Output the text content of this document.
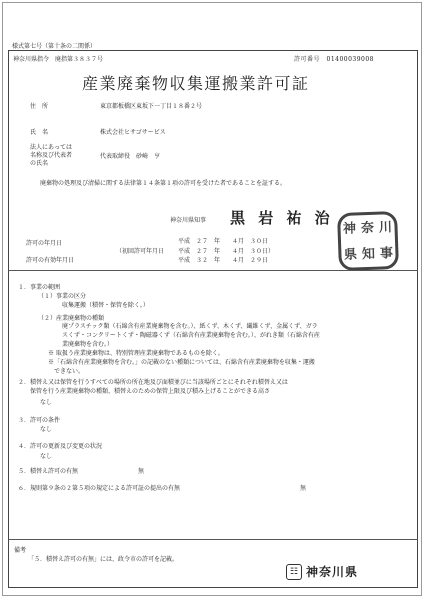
様式第七号（第十条の二関係）
神奈川県指令　廃指第３８３７号	許可番号　01400039008
産業廃棄物収集運搬業許可証
住　所	東京都板橋区東坂下一丁目１８番２号
氏　名	株式会社ヒサゴサービス
法人にあっては
名称及び代表者
の氏名
代表取締役　砂崎　亨
廃棄物の処理及び清掃に関する法律第１４条第１項の許可を受けた者であることを証する。
神奈川県知事 黒 岩 祐 治
神 奈 川
県 知 事
許可の年月日	平成　２７　年　　４月　３０日
（初回許可年月日 平成　２７　年　　４月　３０日）
許可の有効年月日	平成　３２　年　　４月　２９日
１．事業の範囲
（１）事業の区分
収集運搬（積替・保管を除く。）
（２）産業廃棄物の種類
廃プラスチック類（石綿含有産業廃棄物を含む。）、紙くず、木くず、繊維くず、金属くず、ガラ
スくず・コンクリートくず・陶磁器くず（石綿含有産業廃棄物を含む。）、がれき類（石綿含有産
業廃棄物を含む。）
※ 取扱う産業廃棄物は、特別管理産業廃棄物であるものを除く。
※「石綿含有産業廃棄物を含む。」の記載のない種類については、石綿含有産業廃棄物を収集・運搬
　できない。
２．積替え又は保管を行うすべての場所の所在地及び面積並びに当該場所ごとにそれぞれ積替え又は
　　保管を行う産業廃棄物の種類、積替えのための保管上限及び積み上げることができる高さ
なし
３．許可の条件
なし
４．許可の更新及び変更の状況
なし
５．積替え許可の有無	無
６．規則第９条の２第５項の規定による許可証の提出の有無	無
備考
「５．積替え許可の有無」には、政令市の許可を記載。
☷ 神奈川県
